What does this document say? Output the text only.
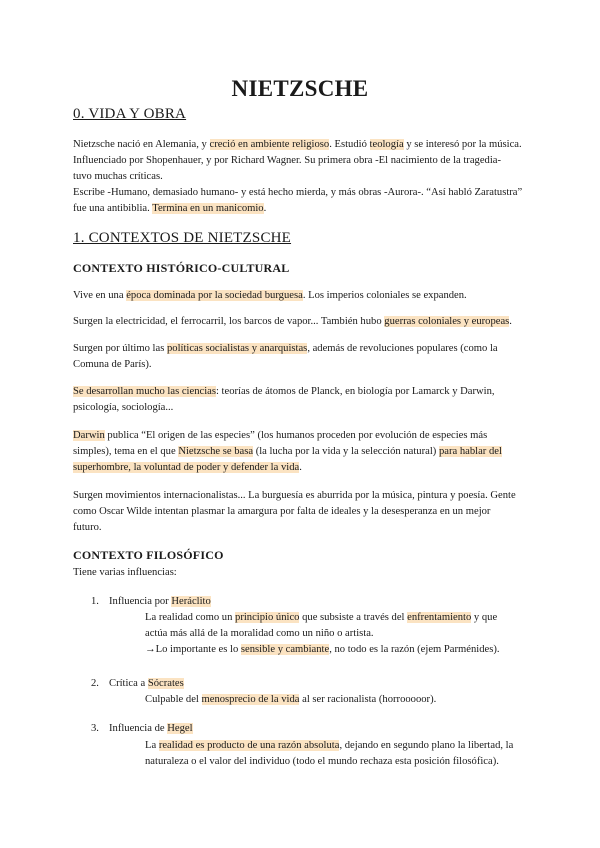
NIETZSCHE
0. VIDA Y OBRA
Nietzsche nació en Alemania, y creció en ambiente religioso. Estudió teología y se interesó por la música.
Influenciado por Shopenhauer, y por Richard Wagner. Su primera obra -El nacimiento de la tragedia-
tuvo muchas críticas.
Escribe -Humano, demasiado humano- y está hecho mierda, y más obras -Aurora-. “Así habló Zaratustra”
fue una antibiblia. Termina en un manicomio.
1. CONTEXTOS DE NIETZSCHE
CONTEXTO HISTÓRICO-CULTURAL
Vive en una época dominada por la sociedad burguesa. Los imperios coloniales se expanden.
Surgen la electricidad, el ferrocarril, los barcos de vapor... También hubo guerras coloniales y europeas.
Surgen por último las políticas socialistas y anarquistas, además de revoluciones populares (como la
Comuna de París).
Se desarrollan mucho las ciencias: teorías de átomos de Planck, en biología por Lamarck y Darwin,
psicología, sociología...
Darwin publica “El origen de las especies” (los humanos proceden por evolución de especies más
simples), tema en el que Nietzsche se basa (la lucha por la vida y la selección natural) para hablar del
superhombre, la voluntad de poder y defender la vida.
Surgen movimientos internacionalistas... La burguesía es aburrida por la música, pintura y poesía. Gente
como Oscar Wilde intentan plasmar la amargura por falta de ideales y la desesperanza en un mejor
futuro.
CONTEXTO FILOSÓFICO
Tiene varias influencias:
1. Influencia por Heráclito
La realidad como un principio único que subsiste a través del enfrentamiento y que
actúa más allá de la moralidad como un niño o artista.
→Lo importante es lo sensible y cambiante, no todo es la razón (ejem Parménides).
2. Crítica a Sócrates
Culpable del menosprecio de la vida al ser racionalista (horrooooor).
3. Influencia de Hegel
La realidad es producto de una razón absoluta, dejando en segundo plano la libertad, la
naturaleza o el valor del individuo (todo el mundo rechaza esta posición filosófica).
